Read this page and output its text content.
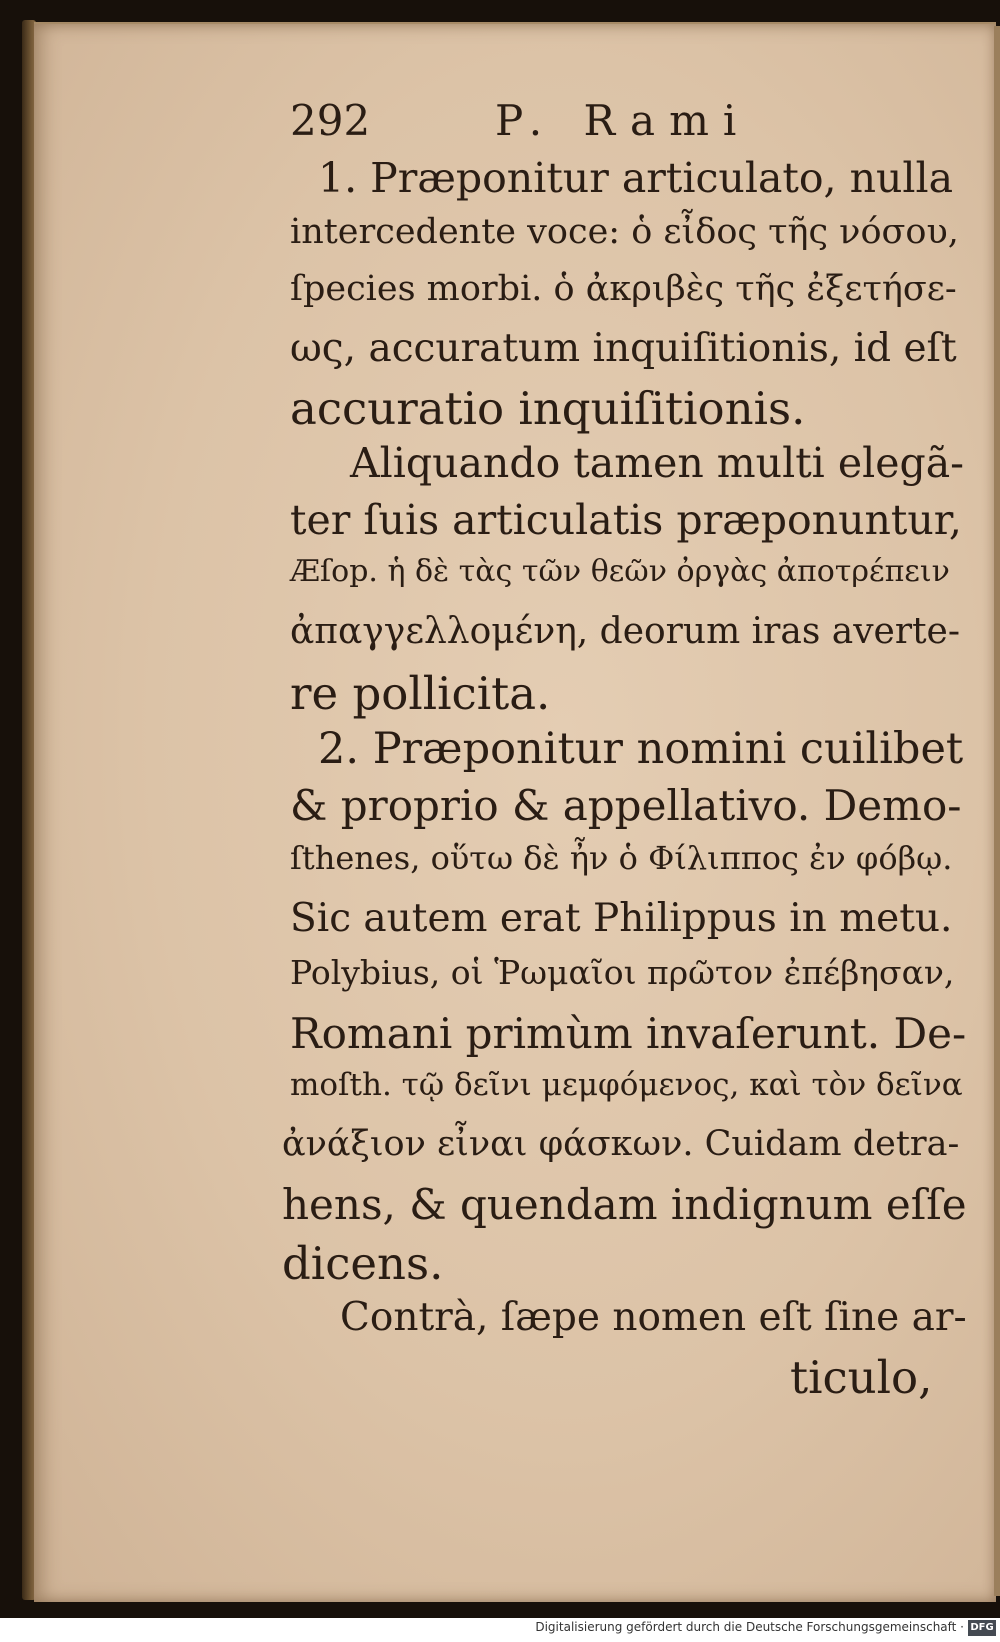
292	P. Rami
1. Præponitur articulato, nulla
intercedente voce: ὁ εἶδος τῆς νόσου,
ſpecies morbi. ὁ ἀκριβὲς τῆς ἐξετήσε-
ως, accuratum inquiſitionis, id eſt
accuratio inquiſitionis.
Aliquando tamen multi elegã-
ter ſuis articulatis præponuntur,
Æſop. ἡ δὲ τὰς τῶν θεῶν ὀργὰς ἀποτρέπειν
ἀπαγγελλομένη, deorum iras averte-
re pollicita.
2. Præponitur nomini cuilibet
& proprio & appellativo. Demo-
ſthenes, οὕτω δὲ ἦν ὁ Φίλιππος ἐν φόβῳ.
Sic autem erat Philippus in metu.
Polybius, οἱ Ῥωμαῖοι πρῶτον ἐπέβησαν,
Romani primùm invaſerunt. De-
moſth. τῷ δεῖνι μεμφόμενος, καὶ τὸν δεῖνα
ἀνάξιον εἶναι φάσκων. Cuidam detra-
hens, & quendam indignum eſſe
dicens.
Contrà, ſæpe nomen eſt ſine ar-
ticulo,
Digitalisierung gefördert durch die Deutsche Forschungsgemeinschaft · DFG
